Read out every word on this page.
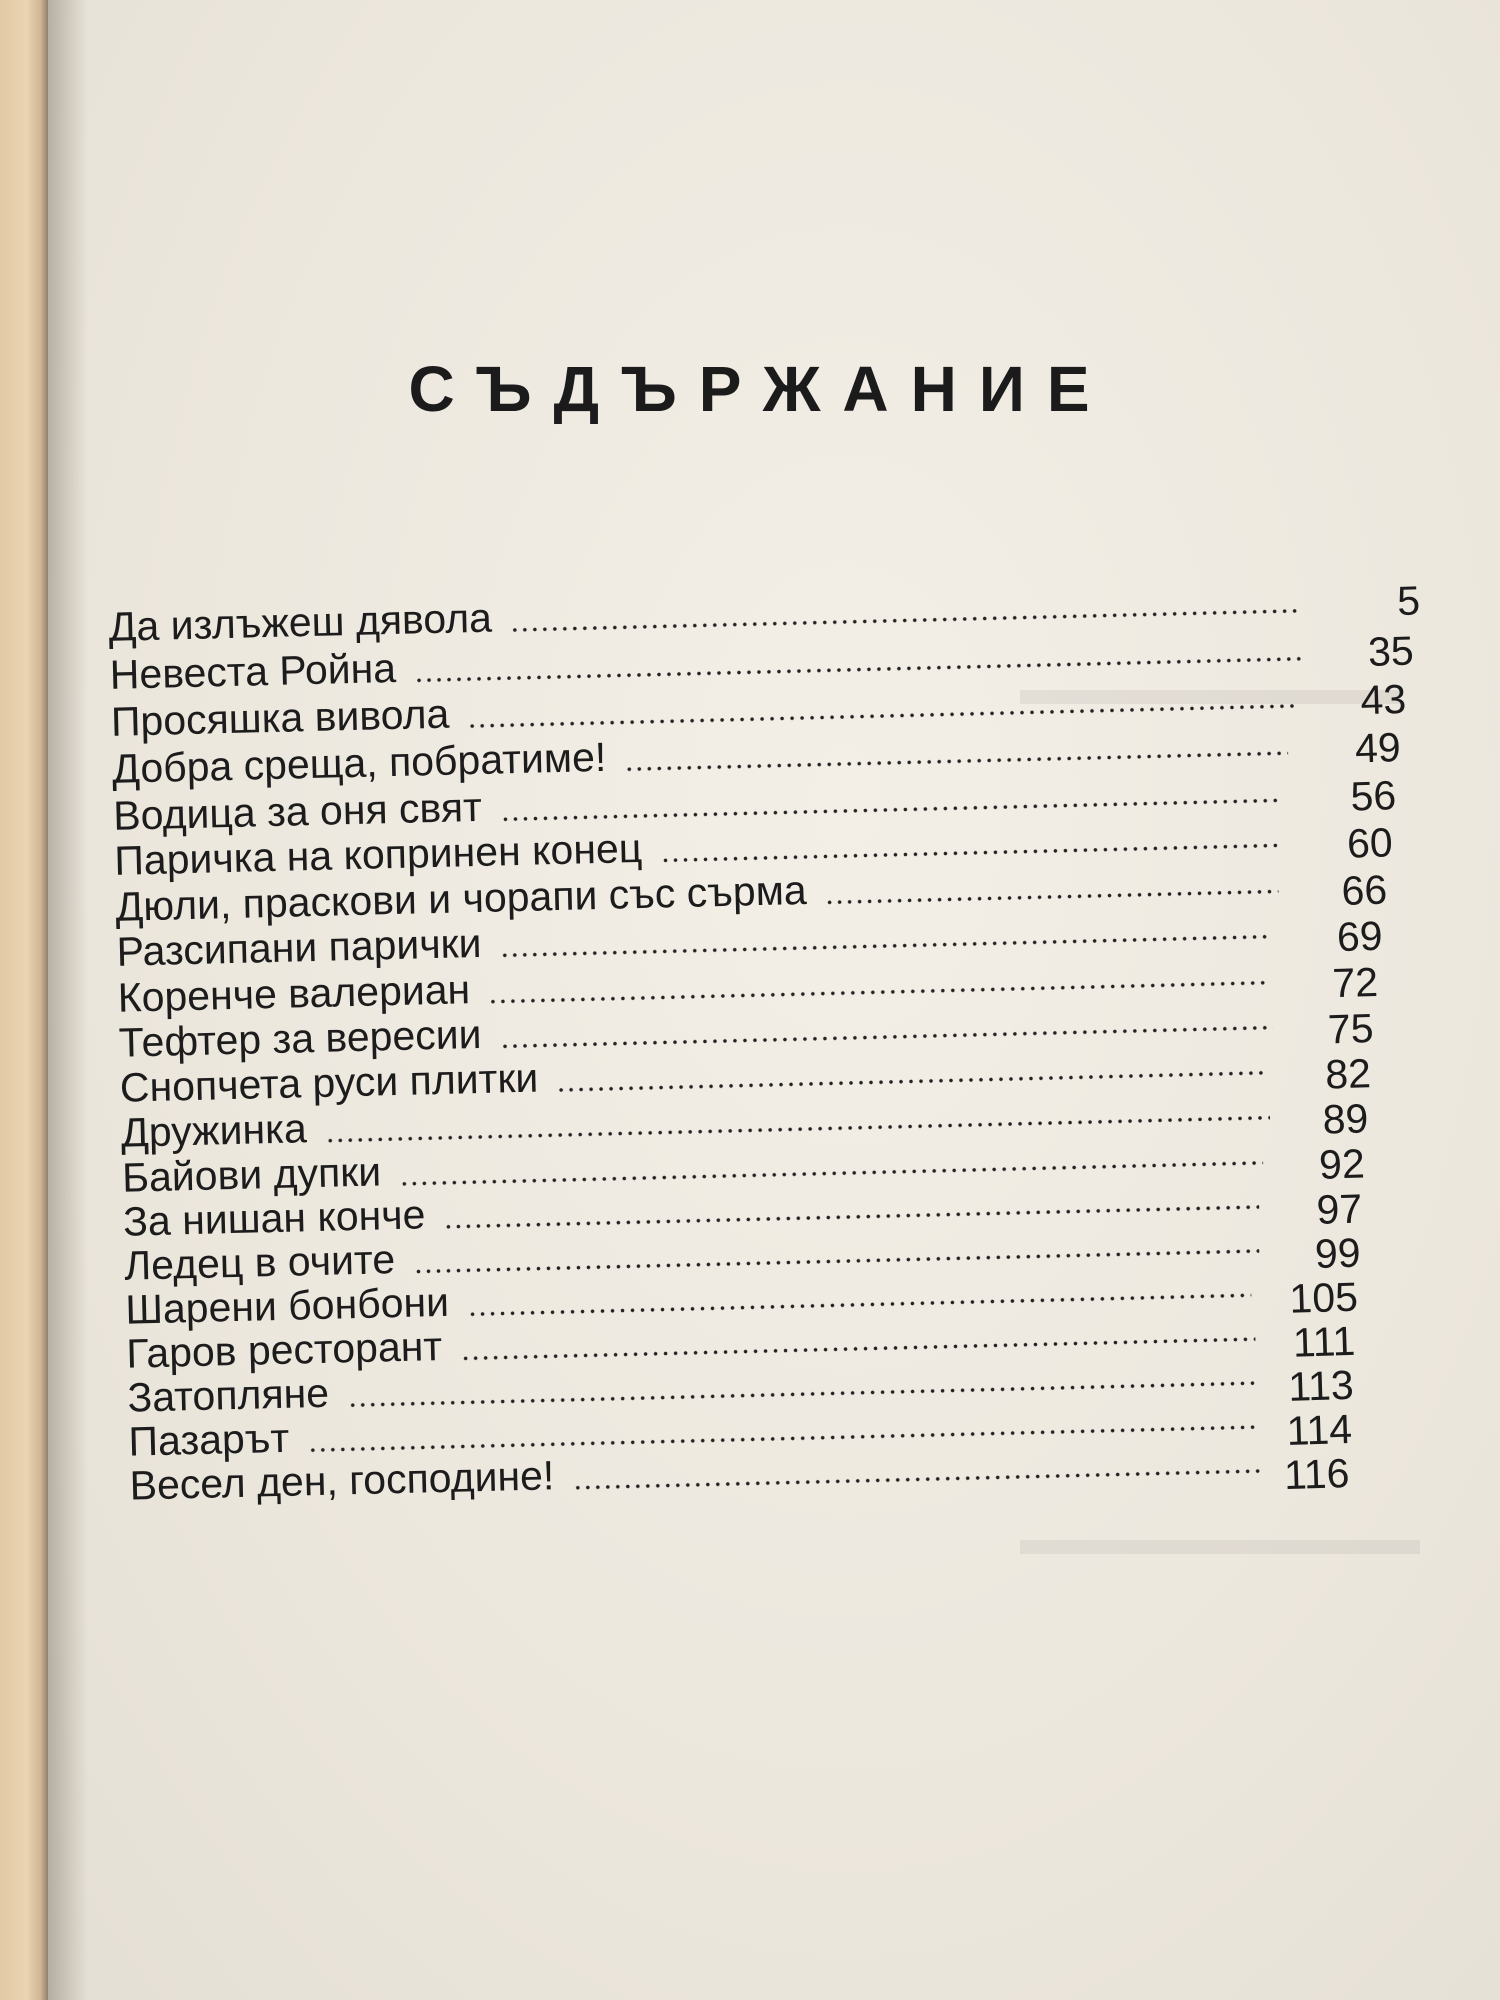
СЪДЪРЖАНИЕ
Да излъжеш дявола
Невеста Ройна
Просяшка вивола
Добра среща, побратиме!
Водица за оня свят
Паричка на копринен конец
Дюли, праскови и чорапи със сърма
Разсипани парички
Коренче валериан
Тефтер за вересии
Снопчета руси плитки
Дружинка
Байови дупки
За нишан конче
Ледец в очите
Шарени бонбони
Гаров ресторант
Затопляне
Пазарът
Весел ден, господине!
5
35
43
49
56
60
66
69
72
75
82
89
92
97
99
105
111
113
114
116
